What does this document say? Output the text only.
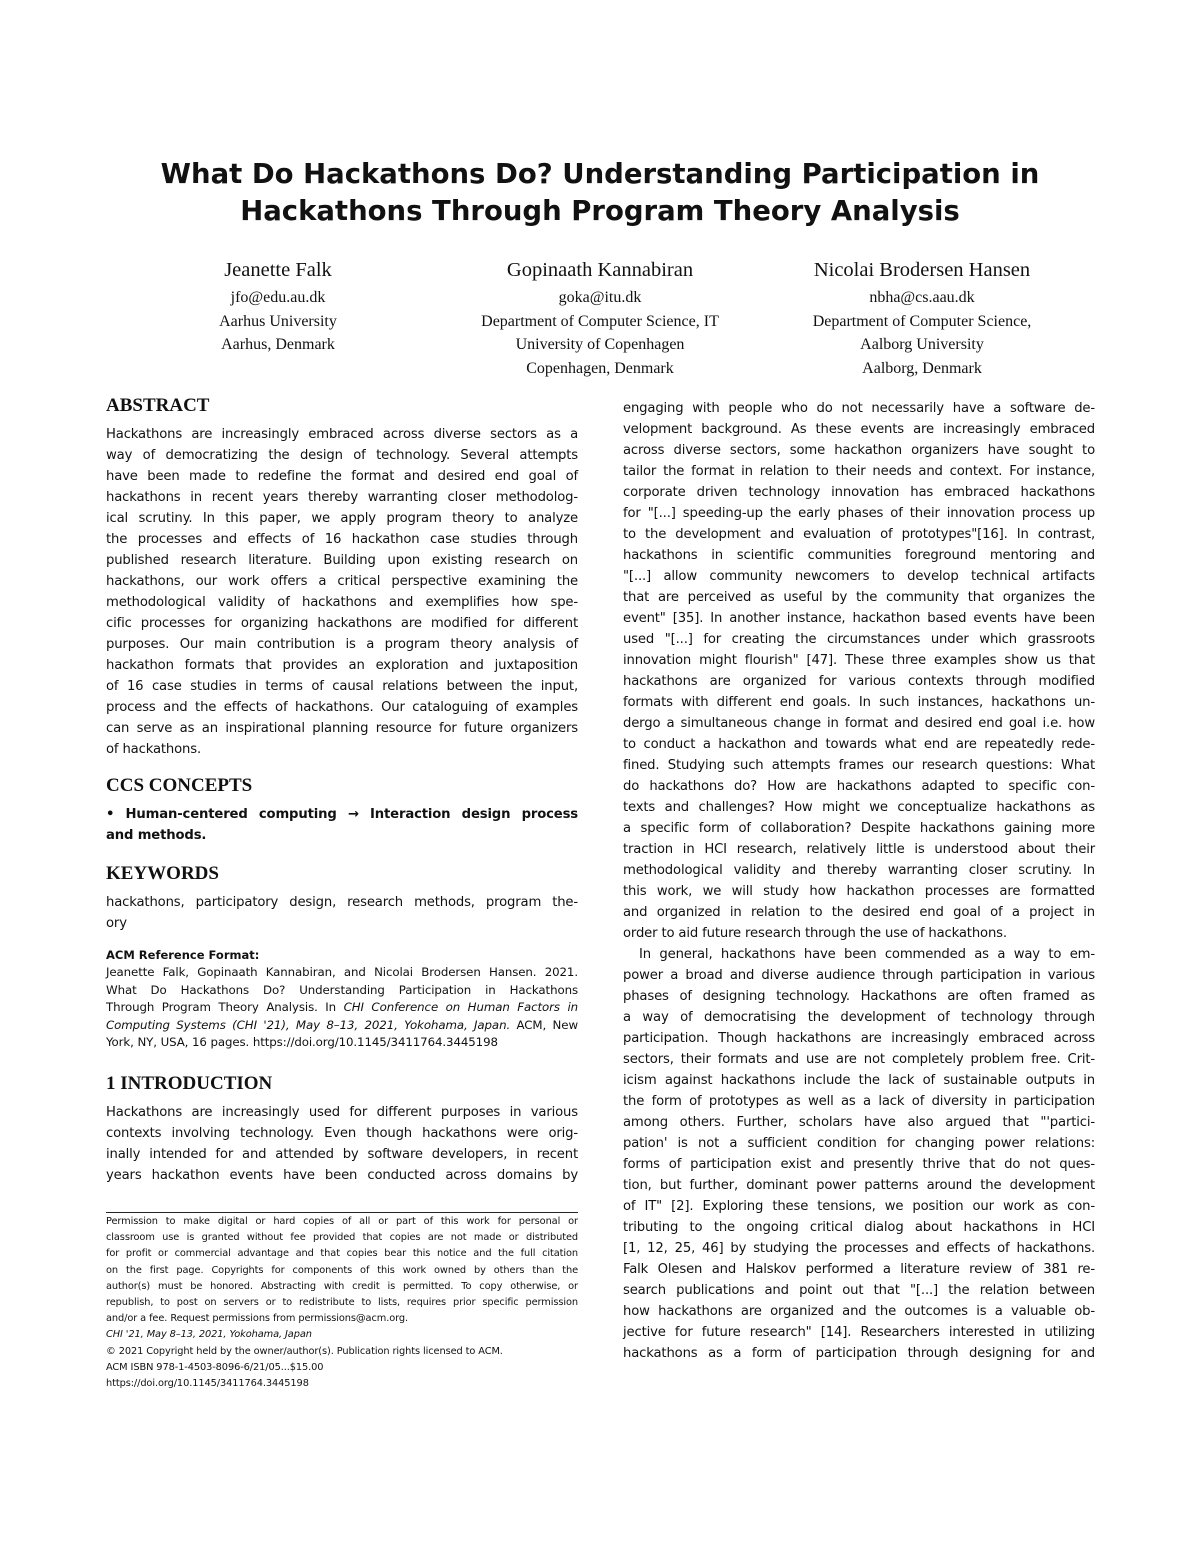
What Do Hackathons Do? Understanding Participation in
Hackathons Through Program Theory Analysis
Jeanette Falk
jfo@edu.au.dk
Aarhus University
Aarhus, Denmark
Gopinaath Kannabiran
goka@itu.dk
Department of Computer Science, IT
University of Copenhagen
Copenhagen, Denmark
Nicolai Brodersen Hansen
nbha@cs.aau.dk
Department of Computer Science,
Aalborg University
Aalborg, Denmark
ABSTRACT
Hackathons are increasingly embraced across diverse sectors as a
way of democratizing the design of technology. Several attempts
have been made to redefine the format and desired end goal of
hackathons in recent years thereby warranting closer methodolog-
ical scrutiny. In this paper, we apply program theory to analyze
the processes and effects of 16 hackathon case studies through
published research literature. Building upon existing research on
hackathons, our work offers a critical perspective examining the
methodological validity of hackathons and exemplifies how spe-
cific processes for organizing hackathons are modified for different
purposes. Our main contribution is a program theory analysis of
hackathon formats that provides an exploration and juxtaposition
of 16 case studies in terms of causal relations between the input,
process and the effects of hackathons. Our cataloguing of examples
can serve as an inspirational planning resource for future organizers
of hackathons.
CCS CONCEPTS
• Human-centered computing → Interaction design process
and methods.
KEYWORDS
hackathons, participatory design, research methods, program the-
ory
ACM Reference Format:
Jeanette Falk, Gopinaath Kannabiran, and Nicolai Brodersen Hansen. 2021.
What Do Hackathons Do? Understanding Participation in Hackathons
Through Program Theory Analysis. In CHI Conference on Human Factors in
Computing Systems (CHI '21), May 8–13, 2021, Yokohama, Japan. ACM, New
York, NY, USA, 16 pages. https://doi.org/10.1145/3411764.3445198
1 INTRODUCTION
Hackathons are increasingly used for different purposes in various
contexts involving technology. Even though hackathons were orig-
inally intended for and attended by software developers, in recent
years hackathon events have been conducted across domains by
Permission to make digital or hard copies of all or part of this work for personal or
classroom use is granted without fee provided that copies are not made or distributed
for profit or commercial advantage and that copies bear this notice and the full citation
on the first page. Copyrights for components of this work owned by others than the
author(s) must be honored. Abstracting with credit is permitted. To copy otherwise, or
republish, to post on servers or to redistribute to lists, requires prior specific permission
and/or a fee. Request permissions from permissions@acm.org.
CHI '21, May 8–13, 2021, Yokohama, Japan
© 2021 Copyright held by the owner/author(s). Publication rights licensed to ACM.
ACM ISBN 978-1-4503-8096-6/21/05...$15.00
https://doi.org/10.1145/3411764.3445198
engaging with people who do not necessarily have a software de-
velopment background. As these events are increasingly embraced
across diverse sectors, some hackathon organizers have sought to
tailor the format in relation to their needs and context. For instance,
corporate driven technology innovation has embraced hackathons
for "[...] speeding-up the early phases of their innovation process up
to the development and evaluation of prototypes"[16]. In contrast,
hackathons in scientific communities foreground mentoring and
"[...] allow community newcomers to develop technical artifacts
that are perceived as useful by the community that organizes the
event" [35]. In another instance, hackathon based events have been
used "[...] for creating the circumstances under which grassroots
innovation might flourish" [47]. These three examples show us that
hackathons are organized for various contexts through modified
formats with different end goals. In such instances, hackathons un-
dergo a simultaneous change in format and desired end goal i.e. how
to conduct a hackathon and towards what end are repeatedly rede-
fined. Studying such attempts frames our research questions: What
do hackathons do? How are hackathons adapted to specific con-
texts and challenges? How might we conceptualize hackathons as
a specific form of collaboration? Despite hackathons gaining more
traction in HCI research, relatively little is understood about their
methodological validity and thereby warranting closer scrutiny. In
this work, we will study how hackathon processes are formatted
and organized in relation to the desired end goal of a project in
order to aid future research through the use of hackathons.
In general, hackathons have been commended as a way to em-
power a broad and diverse audience through participation in various
phases of designing technology. Hackathons are often framed as
a way of democratising the development of technology through
participation. Though hackathons are increasingly embraced across
sectors, their formats and use are not completely problem free. Crit-
icism against hackathons include the lack of sustainable outputs in
the form of prototypes as well as a lack of diversity in participation
among others. Further, scholars have also argued that "'partici-
pation' is not a sufficient condition for changing power relations:
forms of participation exist and presently thrive that do not ques-
tion, but further, dominant power patterns around the development
of IT" [2]. Exploring these tensions, we position our work as con-
tributing to the ongoing critical dialog about hackathons in HCI
[1, 12, 25, 46] by studying the processes and effects of hackathons.
Falk Olesen and Halskov performed a literature review of 381 re-
search publications and point out that "[...] the relation between
how hackathons are organized and the outcomes is a valuable ob-
jective for future research" [14]. Researchers interested in utilizing
hackathons as a form of participation through designing for and
